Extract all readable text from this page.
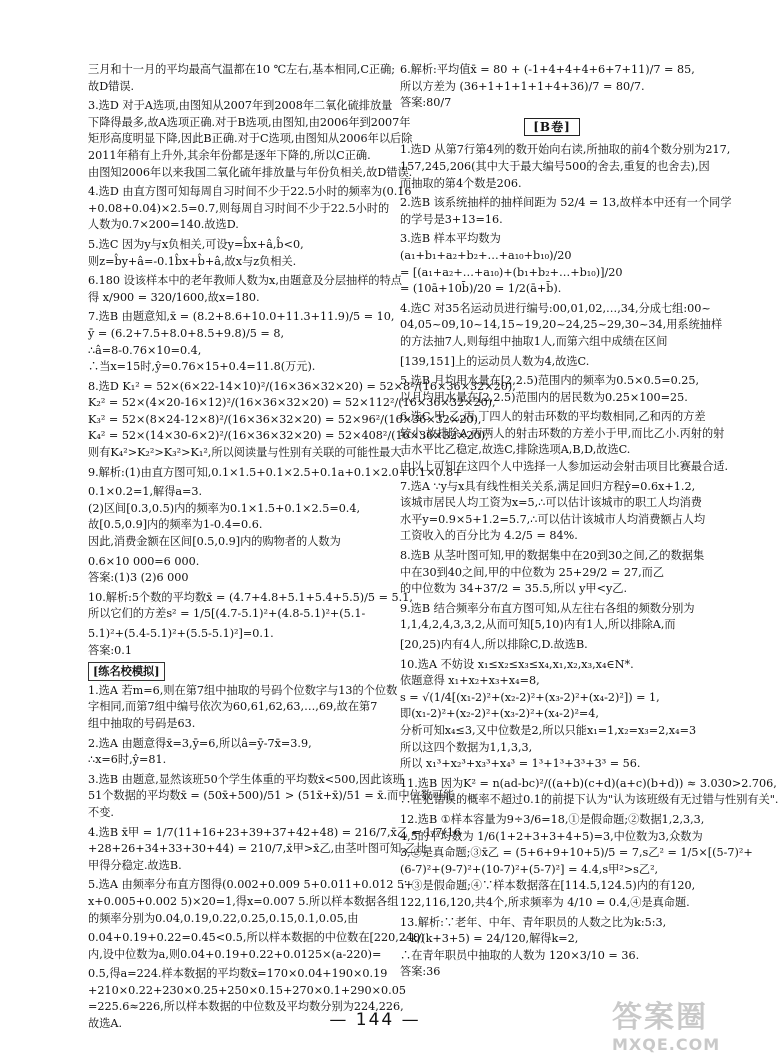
三月和十一月的平均最高气温都在10 ℃左右,基本相同,C正确;
故D错误.
3.选D 对于A选项,由图知从2007年到2008年二氧化硫排放量
下降得最多,故A选项正确.对于B选项,由图知,由2006年到2007年
矩形高度明显下降,因此B正确.对于C选项,由图知从2006年以后除
2011年稍有上升外,其余年份都是逐年下降的,所以C正确.
由图知2006年以来我国二氧化硫年排放量与年份负相关,故D错误.
4.选D 由直方图可知每周自习时间不少于22.5小时的频率为(0.16
+0.08+0.04)×2.5=0.7,则每周自习时间不少于22.5小时的
人数为0.7×200=140.故选D.
5.选C 因为y与x负相关,可设y=b̂x+â,b̂<0,
则z=b̂y+â=-0.1b̂x+b̂+â,故x与z负相关.
6.180 设该样本中的老年教师人数为x,由题意及分层抽样的特点
得 x/900 = 320/1600,故x=180.
7.选B 由题意知,x̄ = (8.2+8.6+10.0+11.3+11.9)/5 = 10,
ȳ = (6.2+7.5+8.0+8.5+9.8)/5 = 8,
∴â=8-0.76×10=0.4,
∴当x=15时,ŷ=0.76×15+0.4=11.8(万元).
8.选D K₁² = 52×(6×22-14×10)²/(16×36×32×20) = 52×8²/(16×36×32×20),
K₂² = 52×(4×20-16×12)²/(16×36×32×20) = 52×112²/(16×36×32×20),
K₃² = 52×(8×24-12×8)²/(16×36×32×20) = 52×96²/(16×36×32×20),
K₄² = 52×(14×30-6×2)²/(16×36×32×20) = 52×408²/(16×36×32×20),
则有K₄²>K₂²>K₃²>K₁²,所以阅读量与性别有关联的可能性最大.
9.解析:(1)由直方图可知,0.1×1.5+0.1×2.5+0.1a+0.1×2.0+0.1×0.8+
0.1×0.2=1,解得a=3.
(2)区间[0.3,0.5)内的频率为0.1×1.5+0.1×2.5=0.4,
故[0.5,0.9]内的频率为1-0.4=0.6.
因此,消费金额在区间[0.5,0.9]内的购物者的人数为
0.6×10 000=6 000.
答案:(1)3 (2)6 000
10.解析:5个数的平均数x̄ = (4.7+4.8+5.1+5.4+5.5)/5 = 5.1,
所以它们的方差s² = 1/5[(4.7-5.1)²+(4.8-5.1)²+(5.1-
5.1)²+(5.4-5.1)²+(5.5-5.1)²]=0.1.
答案:0.1
[练名校模拟]
1.选A 若m=6,则在第7组中抽取的号码个位数字与13的个位数
字相同,而第7组中编号依次为60,61,62,63,…,69,故在第7
组中抽取的号码是63.
2.选A 由题意得x̄=3,ȳ=6,所以â=ȳ-7x̄=3.9,
∴x=6时,ŷ=81.
3.选B 由题意,显然该班50个学生体重的平均数x̄<500,因此该班
51个数据的平均数x̄ = (50x̄+500)/51 > (51x̄+x̄)/51 = x̄.而中位数可能
不变.
4.选B x̄甲 = 1/7(11+16+23+39+37+42+48) = 216/7,x̄乙 = 1/7(16
+28+26+34+33+30+44) = 210/7,x̄甲>x̄乙,由茎叶图可知,乙比
甲得分稳定.故选B.
5.选A 由频率分布直方图得(0.002+0.009 5+0.011+0.012 5+
x+0.005+0.002 5)×20=1,得x=0.007 5.所以样本数据各组
的频率分别为0.04,0.19,0.22,0.25,0.15,0.1,0.05,由
0.04+0.19+0.22=0.45<0.5,所以样本数据的中位数在[220,240)
内,设中位数为a,则0.04+0.19+0.22+0.0125×(a-220)=
0.5,得a=224.样本数据的平均数x̄=170×0.04+190×0.19
+210×0.22+230×0.25+250×0.15+270×0.1+290×0.05
=225.6≈226,所以样本数据的中位数及平均数分别为224,226,
故选A.
6.解析:平均值x̄ = 80 + (-1+4+4+4+6+7+11)/7 = 85,
所以方差为 (36+1+1+1+1+4+36)/7 = 80/7.
答案:80/7
[B卷]
1.选D 从第7行第4列的数开始向右读,所抽取的前4个数分别为217,
157,245,206(其中大于最大编号500的舍去,重复的也舍去),因
而抽取的第4个数是206.
2.选B 该系统抽样的抽样间距为 52/4 = 13,故样本中还有一个同学
的学号是3+13=16.
3.选B 样本平均数为
(a₁+b₁+a₂+b₂+…+a₁₀+b₁₀)/20
= [(a₁+a₂+…+a₁₀)+(b₁+b₂+…+b₁₀)]/20
= (10ā+10b̄)/20 = 1/2(ā+b̄).
4.选C 对35名运动员进行编号:00,01,02,…,34,分成七组:00~
04,05~09,10~14,15~19,20~24,25~29,30~34,用系统抽样
的方法抽7人,则每组中抽取1人,而第六组中成绩在区间
[139,151]上的运动员人数为4,故选C.
5.选B 月均用水量在[2,2.5)范围内的频率为0.5×0.5=0.25,
以月均用水量在[2,2.5)范围内的居民数为0.25×100=25.
6.选C 甲,乙,丙,丁四人的射击环数的平均数相同,乙和丙的方差
较小,故排除A,丙两人的射击环数的方差小于甲,而比乙小.丙射的射
击水平比乙稳定,故选C,排除选项A,B,D,故选C.
由以上可知在这四个人中选择一人参加运动会射击项目比赛最合适.
7.选A ∵y与x具有线性相关关系,满足回归方程ŷ=0.6x+1.2,
该城市居民人均工资为x=5,∴可以估计该城市的职工人均消费
水平y=0.9×5+1.2=5.7,∴可以估计该城市人均消费额占人均
工资收入的百分比为 4.2/5 = 84%.
8.选B 从茎叶图可知,甲的数据集中在20到30之间,乙的数据集
中在30到40之间,甲的中位数为 25+29/2 = 27,而乙
的中位数为 34+37/2 = 35.5,所以 y甲<y乙.
9.选B 结合频率分布直方图可知,从左往右各组的频数分别为
1,1,4,2,4,3,3,2,从而可知[5,10)内有1人,所以排除A,而
[20,25)内有4人,所以排除C,D.故选B.
10.选A 不妨设 x₁≤x₂≤x₃≤x₄,x₁,x₂,x₃,x₄∈N*.
依题意得 x₁+x₂+x₃+x₄=8,
s = √(1/4[(x₁-2)²+(x₂-2)²+(x₃-2)²+(x₄-2)²]) = 1,
即(x₁-2)²+(x₂-2)²+(x₃-2)²+(x₄-2)²=4,
分析可知x₄≤3,又中位数是2,所以只能x₁=1,x₂=x₃=2,x₄=3
所以这四个数据为1,1,3,3,
所以 x₁³+x₂³+x₃³+x₄³ = 1³+1³+3³+3³ = 56.
11.选B 因为K² = n(ad-bc)²/((a+b)(c+d)(a+c)(b+d)) ≈ 3.030>2.706,
∴在犯错误的概率不超过0.1的前提下认为"认为该班级有无过错与性别有关".
12.选B ①样本容量为9÷3/6=18,①是假命题;②数据1,2,3,3,
4,5的平均数为 1/6(1+2+3+3+4+5)=3,中位数为3,众数为
3,②是真命题;③x̄乙 = (5+6+9+10+5)/5 = 7,s乙² = 1/5×[(5-7)²+
(6-7)²+(9-7)²+(10-7)²+(5-7)²] = 4.4,s甲²>s乙²,
∴③是假命题;④∵样本数据落在[114.5,124.5)内的有120,
122,116,120,共4个,所求频率为 4/10 = 0.4,④是真命题.
13.解析:∵老年、中年、青年职员的人数之比为k:5:3,
∴ k/(k+3+5) = 24/120,解得k=2,
∴在青年职员中抽取的人数为 120×3/10 = 36.
答案:36
— 144 —	答案圈
MXQE.COM
